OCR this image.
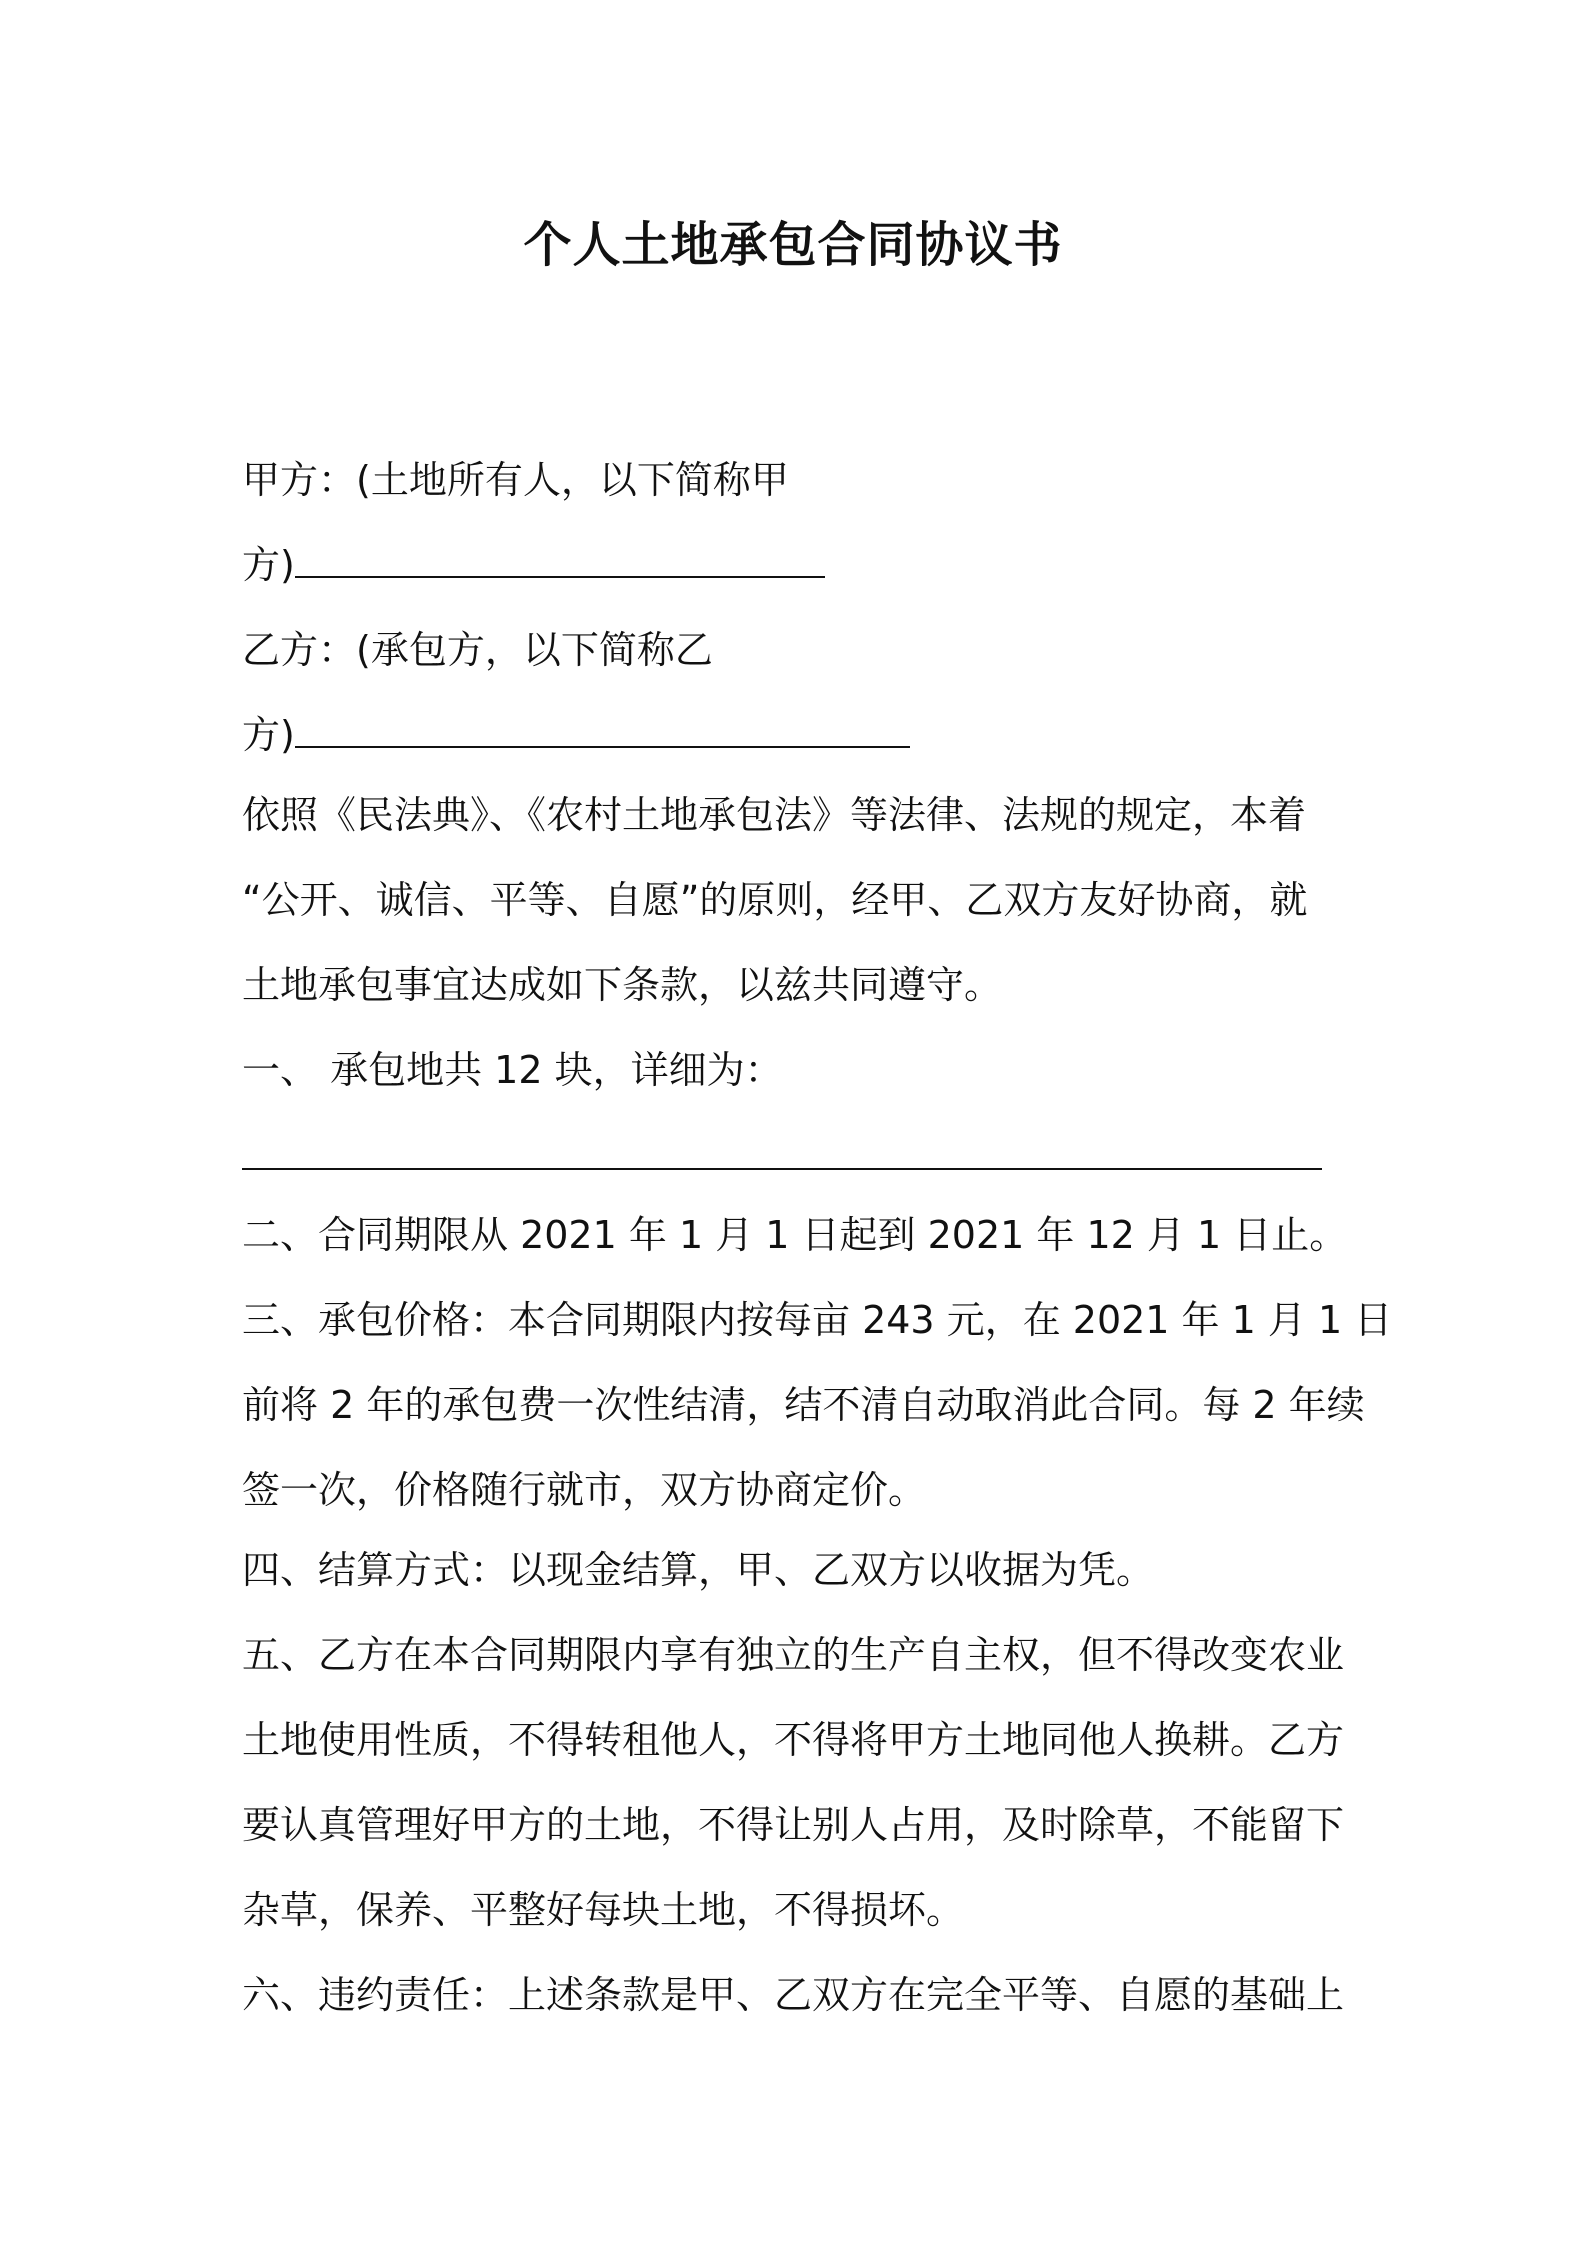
个人土地承包合同协议书

甲方：(土地所有人，以下简称甲

方)

乙方：(承包方，以下简称乙

方)

依照《民法典》、《农村土地承包法》等法律、法规的规定，本着

“公开、诚信、平等、自愿”的原则，经甲、乙双方友好协商，就

土地承包事宜达成如下条款，以兹共同遵守。

一、 承包地共 12 块，详细为：

二、合同期限从 2021 年 1 月 1 日起到 2021 年 12 月 1 日止。

三、承包价格：本合同期限内按每亩 243 元，在 2021 年 1 月 1 日

前将 2 年的承包费一次性结清，结不清自动取消此合同。每 2 年续

签一次，价格随行就市，双方协商定价。

四、结算方式：以现金结算，甲、乙双方以收据为凭。

五、乙方在本合同期限内享有独立的生产自主权，但不得改变农业

土地使用性质，不得转租他人，不得将甲方土地同他人换耕。乙方

要认真管理好甲方的土地，不得让别人占用，及时除草，不能留下

杂草，保养、平整好每块土地，不得损坏。

六、违约责任：上述条款是甲、乙双方在完全平等、自愿的基础上
